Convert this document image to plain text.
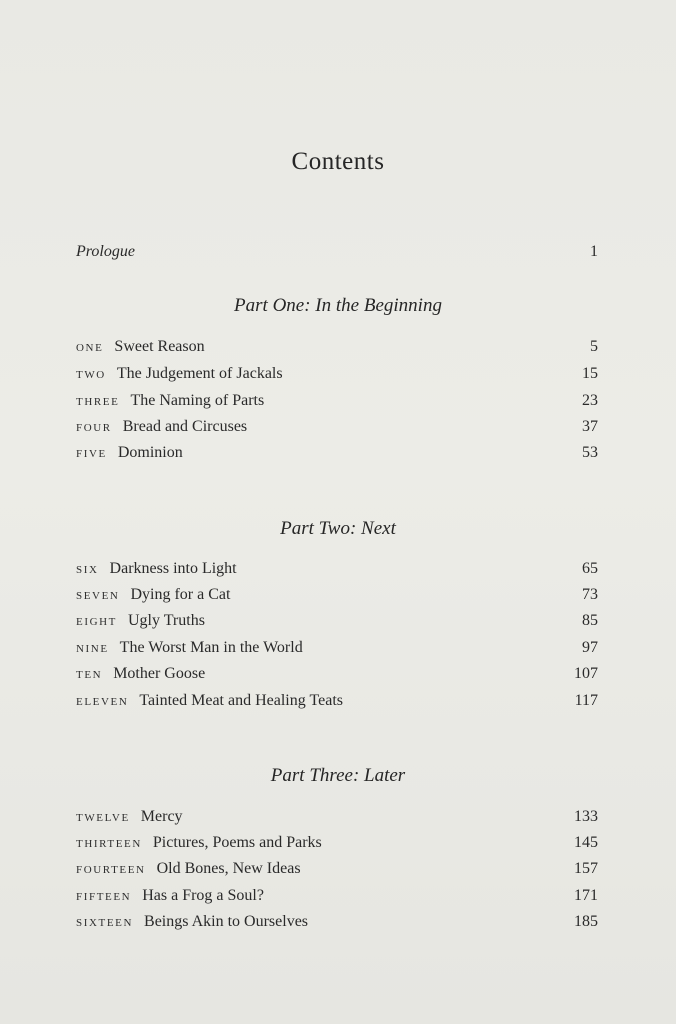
Contents
Prologue	1
Part One: In the Beginning
ONE Sweet Reason	5
TWO The Judgement of Jackals	15
THREE The Naming of Parts	23
FOUR Bread and Circuses	37
FIVE Dominion	53
Part Two: Next
SIX Darkness into Light	65
SEVEN Dying for a Cat	73
EIGHT Ugly Truths	85
NINE The Worst Man in the World	97
TEN Mother Goose	107
ELEVEN Tainted Meat and Healing Teats	117
Part Three: Later
TWELVE Mercy	133
THIRTEEN Pictures, Poems and Parks	145
FOURTEEN Old Bones, New Ideas	157
FIFTEEN Has a Frog a Soul?	171
SIXTEEN Beings Akin to Ourselves	185
